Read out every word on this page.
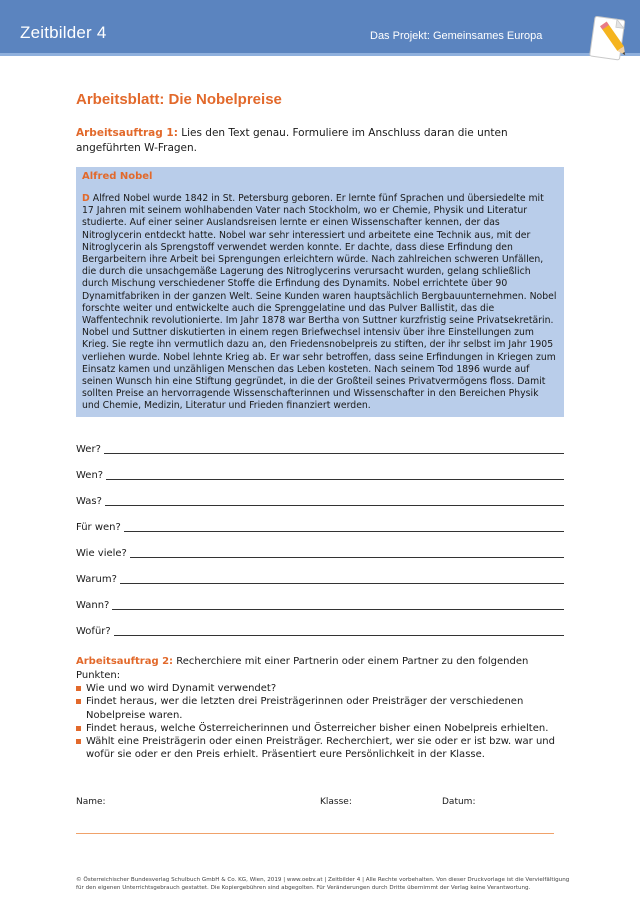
Zeitbilder 4	Das Projekt: Gemeinsames Europa
Arbeitsblatt: Die Nobelpreise
Arbeitsauftrag 1: Lies den Text genau. Formuliere im Anschluss daran die unten angeführten W-Fragen.
Alfred Nobel

D Alfred Nobel wurde 1842 in St. Petersburg geboren. Er lernte fünf Sprachen und übersiedelte mit 17 Jahren mit seinem wohlhabenden Vater nach Stockholm, wo er Chemie, Physik und Literatur studierte. Auf einer seiner Auslandsreisen lernte er einen Wissenschafter kennen, der das Nitroglycerin entdeckt hatte. Nobel war sehr interessiert und arbeitete eine Technik aus, mit der Nitroglycerin als Sprengstoff verwendet werden konnte. Er dachte, dass diese Erfindung den Bergarbeitern ihre Arbeit bei Sprengungen erleichtern würde. Nach zahlreichen schweren Unfällen, die durch die unsachgemäße Lagerung des Nitroglycerins verursacht wurden, gelang schließlich durch Mischung verschiedener Stoffe die Erfindung des Dynamits. Nobel errichtete über 90 Dynamitfabriken in der ganzen Welt. Seine Kunden waren hauptsächlich Bergbauunternehmen. Nobel forschte weiter und entwickelte auch die Sprenggelatine und das Pulver Ballistit, das die Waffentechnik revolutionierte. Im Jahr 1878 war Bertha von Suttner kurzfristig seine Privatsekretärin. Nobel und Suttner diskutierten in einem regen Briefwechsel intensiv über ihre Einstellungen zum Krieg. Sie regte ihn vermutlich dazu an, den Friedensnobelpreis zu stiften, der ihr selbst im Jahr 1905 verliehen wurde. Nobel lehnte Krieg ab. Er war sehr betroffen, dass seine Erfindungen in Kriegen zum Einsatz kamen und unzähligen Menschen das Leben kosteten. Nach seinem Tod 1896 wurde auf seinen Wunsch hin eine Stiftung gegründet, in die der Großteil seines Privatvermögens floss. Damit sollten Preise an hervorragende Wissenschafterinnen und Wissenschafter in den Bereichen Physik und Chemie, Medizin, Literatur und Frieden finanziert werden.

Wer?
Wen?
Was?
Für wen?
Wie viele?
Warum?
Wann?
Wofür?
Arbeitsauftrag 2: Recherchiere mit einer Partnerin oder einem Partner zu den folgenden Punkten:
Wie und wo wird Dynamit verwendet?
Findet heraus, wer die letzten drei Preisträgerinnen oder Preisträger der verschiedenen Nobelpreise waren.
Findet heraus, welche Österreicherinnen und Österreicher bisher einen Nobelpreis erhielten.
Wählt eine Preisträgerin oder einen Preisträger. Recherchiert, wer sie oder er ist bzw. war und wofür sie oder er den Preis erhielt. Präsentiert eure Persönlichkeit in der Klasse.
Name:	Klasse:	Datum:
© Österreichischer Bundesverlag Schulbuch GmbH & Co. KG, Wien, 2019 | www.oebv.at | Zeitbilder 4 | Alle Rechte vorbehalten. Von dieser Druckvorlage ist die Vervielfältigung
für den eigenen Unterrichtsgebrauch gestattet. Die Kopiergebühren sind abgegolten. Für Veränderungen durch Dritte übernimmt der Verlag keine Verantwortung.
